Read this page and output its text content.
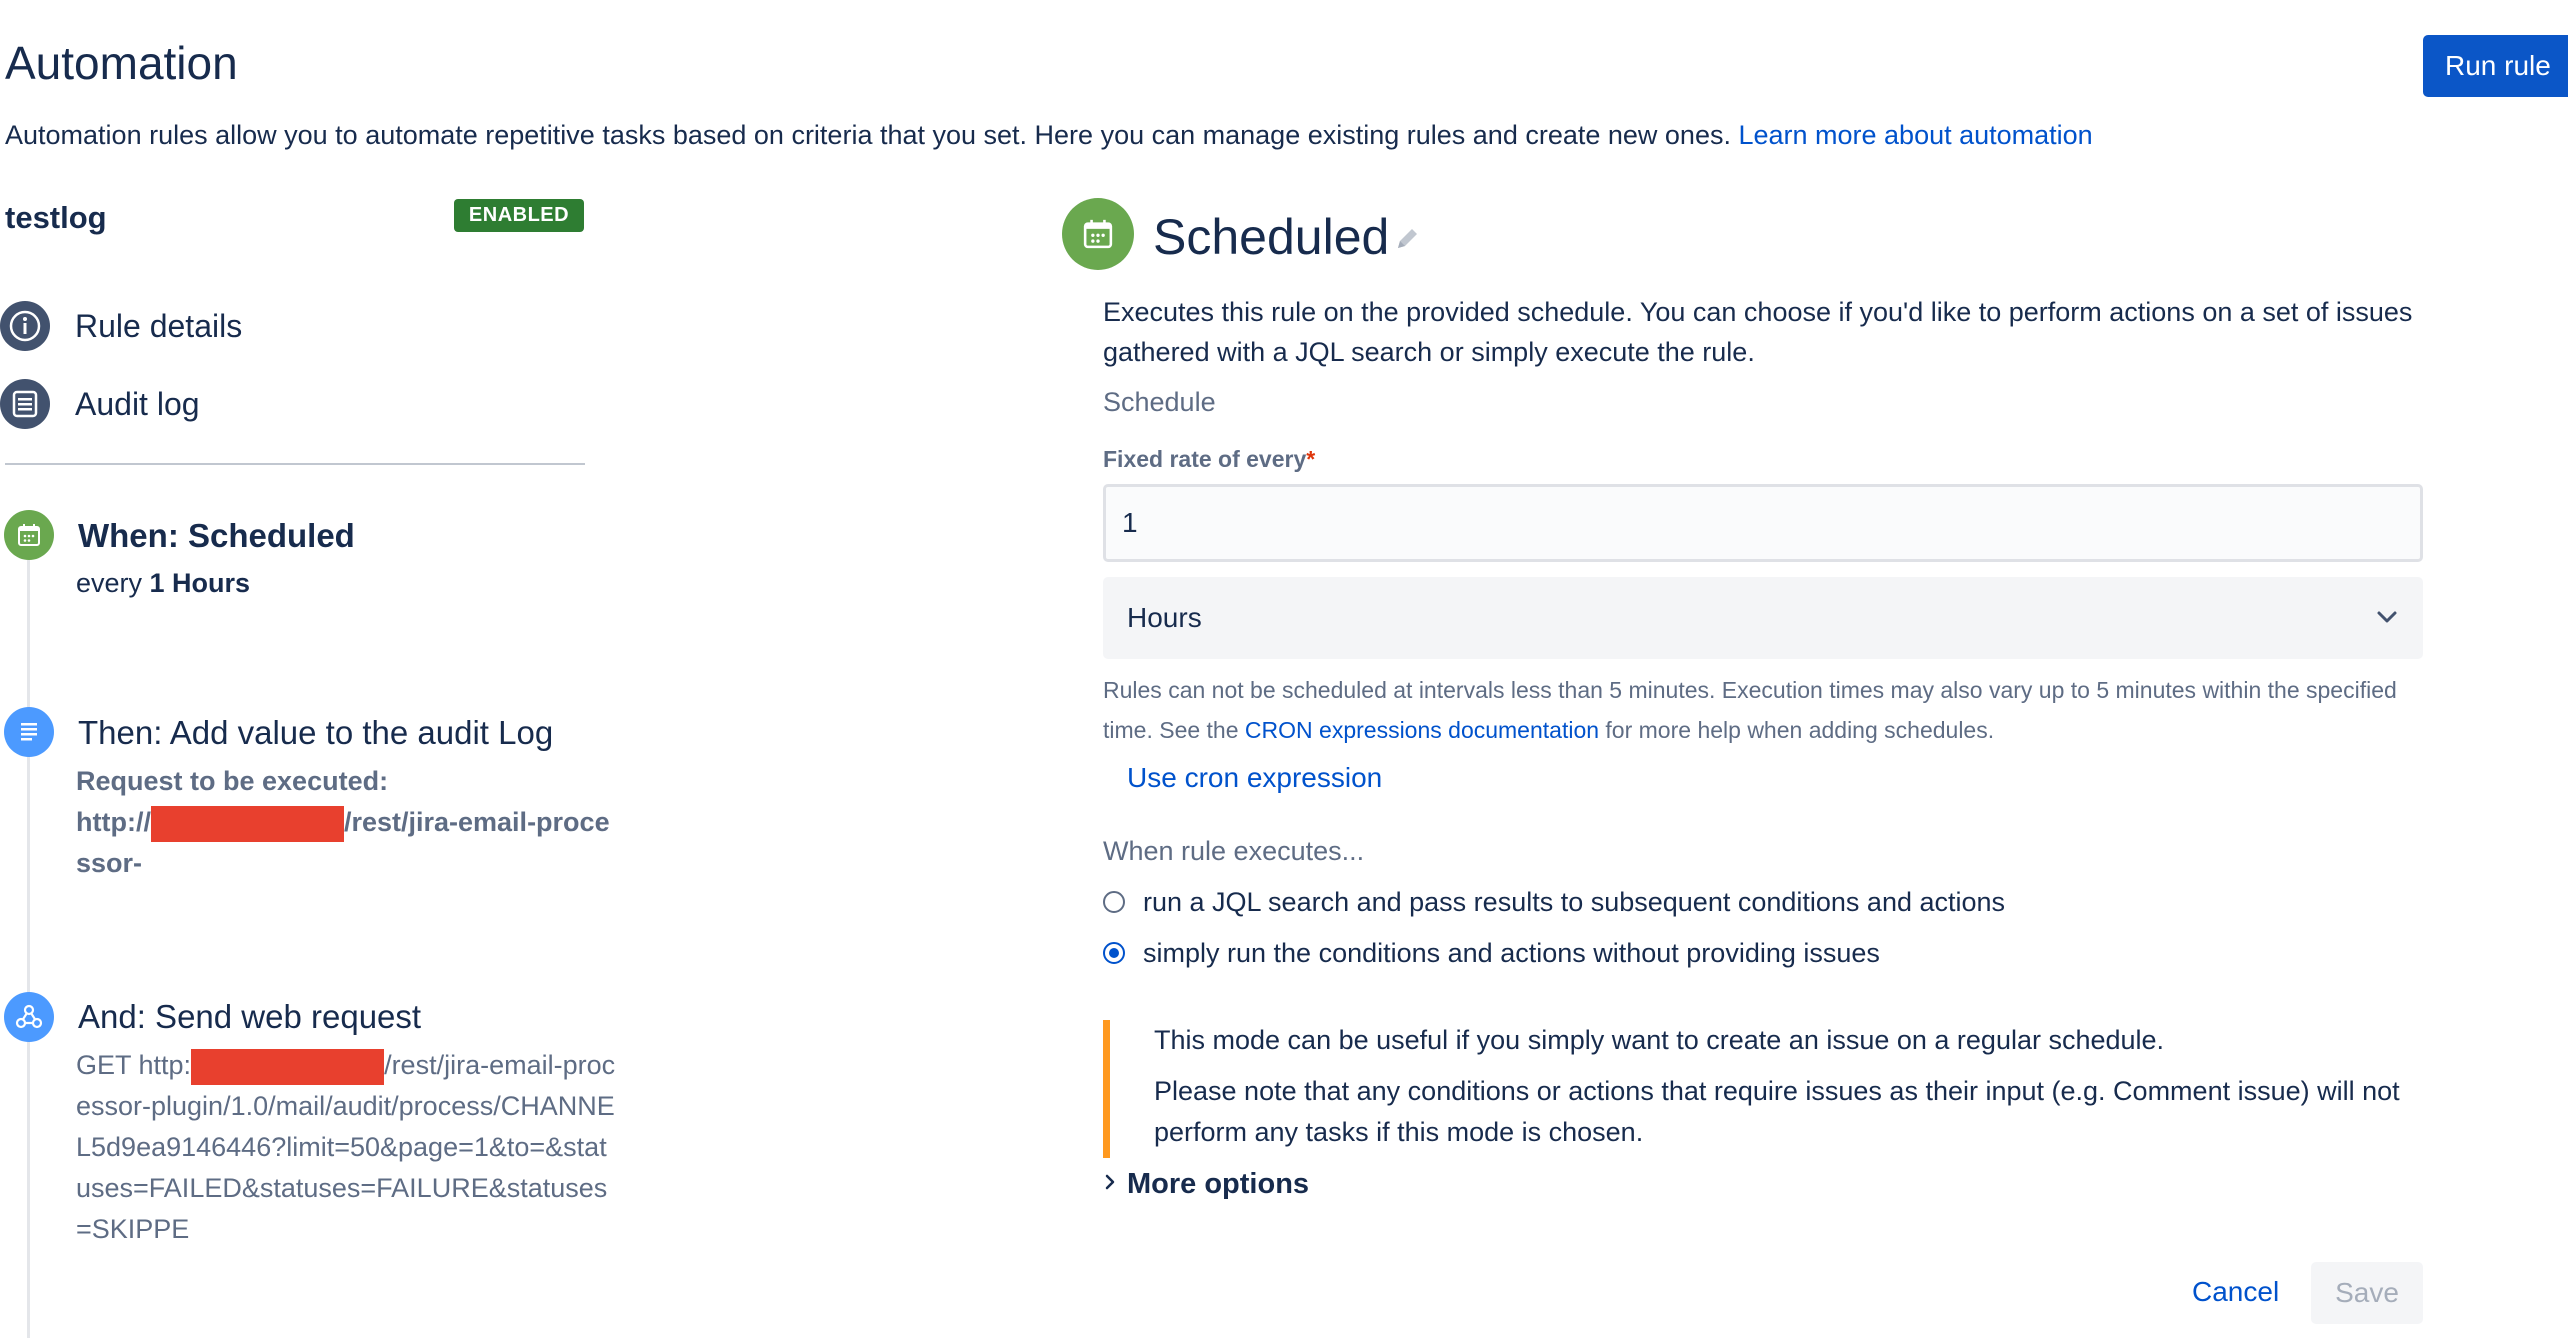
Automation	Run rule
Automation rules allow you to automate repetitive tasks based on criteria that you set. Here you can manage existing rules and create new ones. Learn more about automation
testlog	ENABLED
Rule details
Audit log
When: Scheduled
every 1 Hours
Then: Add value to the audit Log
Request to be executed:
http://	/rest/jira-email-processor-
And: Send web request
GET http:	/rest/jira-email-processor-plugin/1.0/mail/audit/process/CHANNEL5d9ea9146446?limit=50&page=1&to=&statuses=FAILED&statuses=FAILURE&statuses=SKIPPE
Scheduled
Executes this rule on the provided schedule. You can choose if you'd like to perform actions on a set of issues gathered with a JQL search or simply execute the rule.
Schedule
Fixed rate of every*
1
Hours
Rules can not be scheduled at intervals less than 5 minutes. Execution times may also vary up to 5 minutes within the specified time. See the CRON expressions documentation for more help when adding schedules.
Use cron expression
When rule executes...
run a JQL search and pass results to subsequent conditions and actions
simply run the conditions and actions without providing issues

This mode can be useful if you simply want to create an issue on a regular schedule.

Please note that any conditions or actions that require issues as their input (e.g. Comment issue) will not perform any tasks if this mode is chosen.

More options
Cancel	Save
